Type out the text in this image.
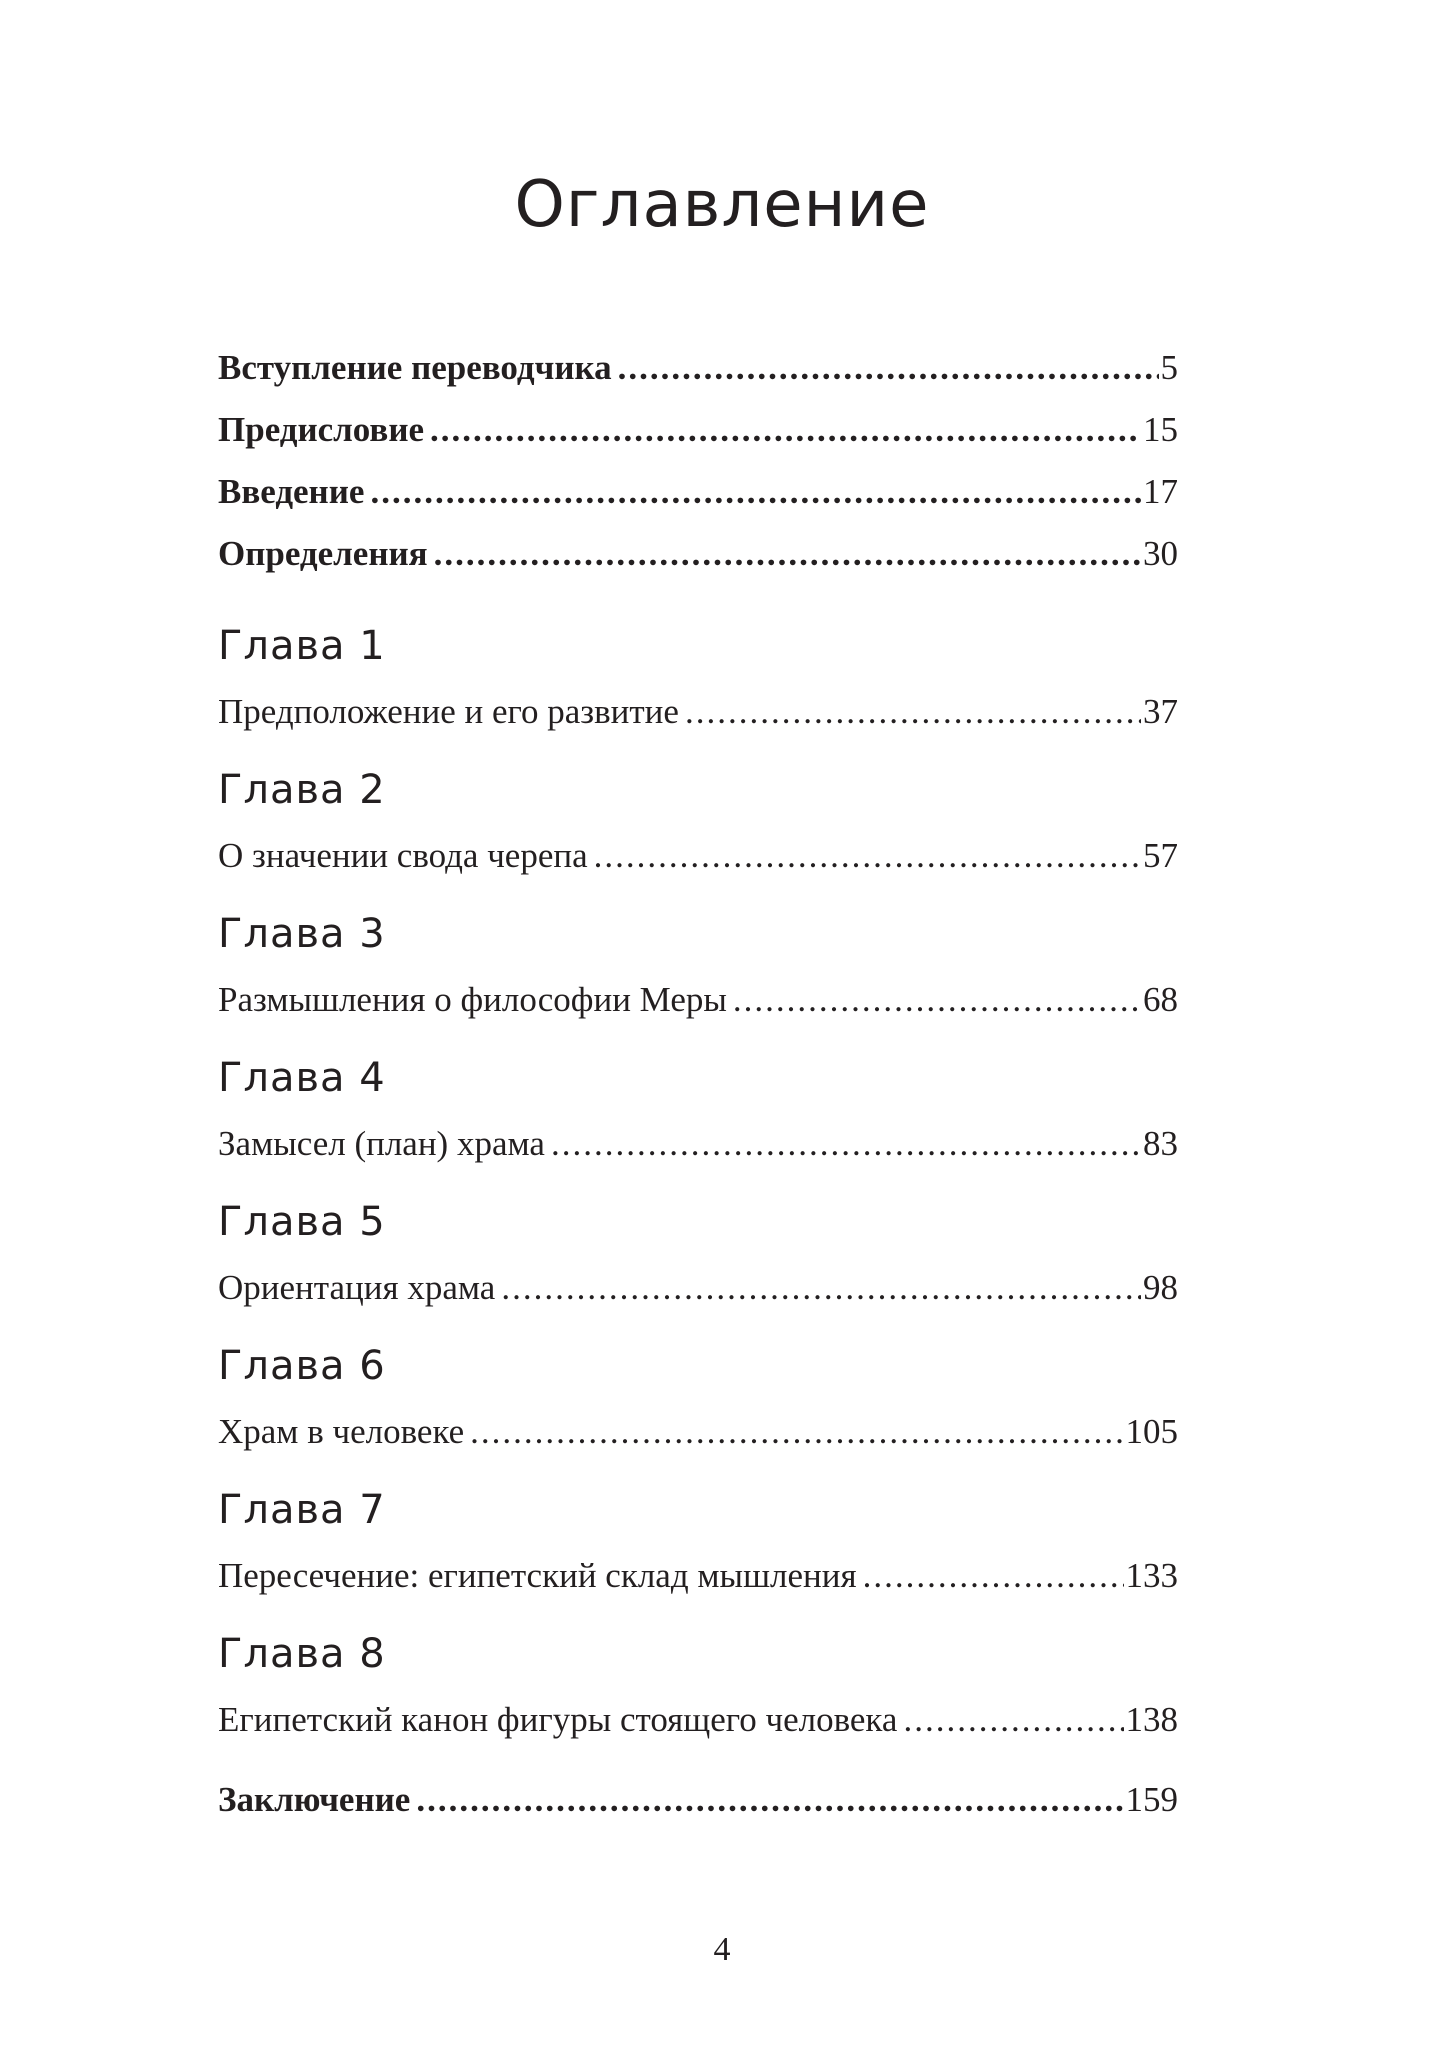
Оглавление
Вступление переводчика .....	5
Предисловие .....	15
Введение .....	17
Определения .....	30
Глава 1
Предположение и его развитие .....	37
Глава 2
О значении свода черепа .....	57
Глава 3
Размышления о философии Меры .....	68
Глава 4
Замысел (план) храма .....	83
Глава 5
Ориентация храма .....	98
Глава 6
Храм в человеке .....	105
Глава 7
Пересечение: египетский склад мышления .....	133
Глава 8
Египетский канон фигуры стоящего человека .....	138
Заключение .....	159
4
